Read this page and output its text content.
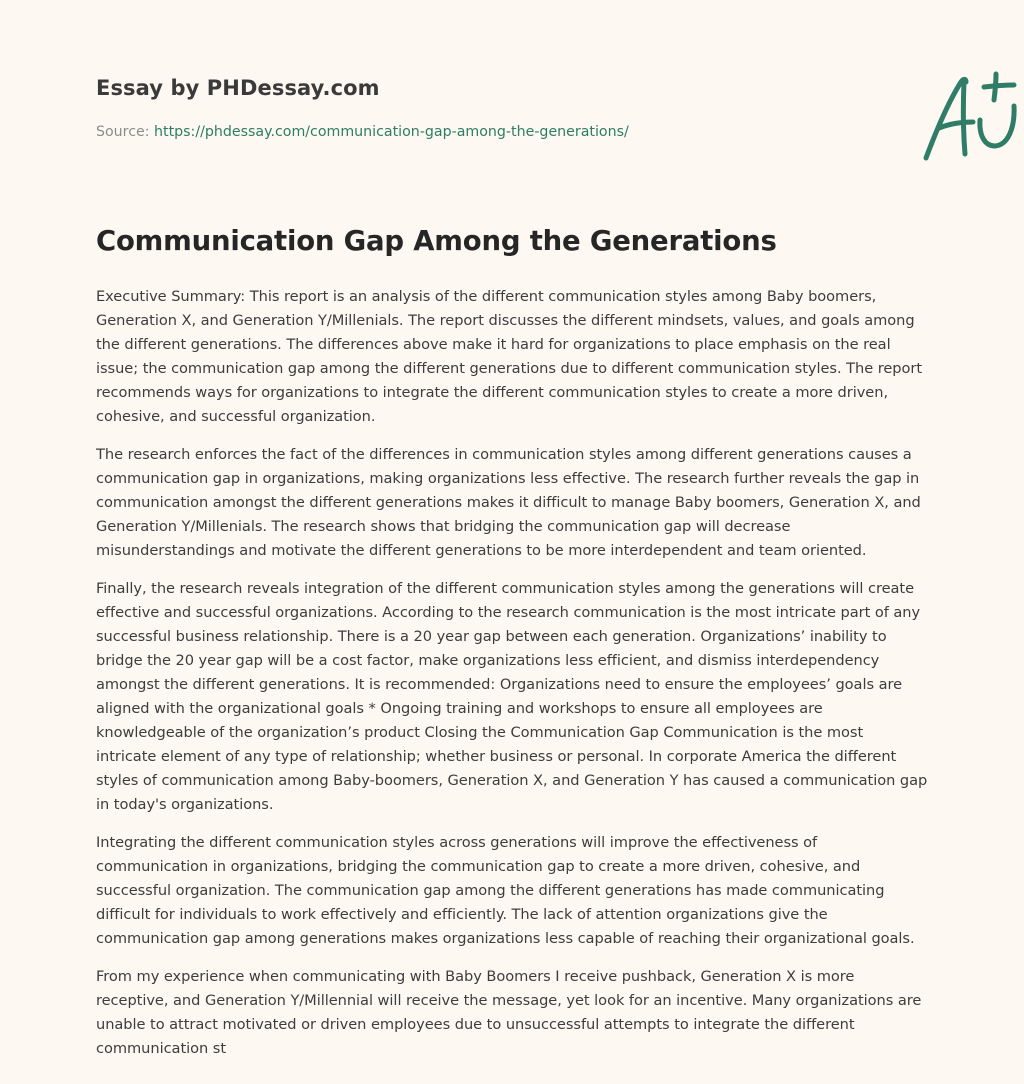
Essay by PHDessay.com
Source: https://phdessay.com/communication-gap-among-the-generations/
Communication Gap Among the Generations

Executive Summary: This report is an analysis of the different communication styles among Baby boomers, Generation X, and Generation Y/Millenials. The report discusses the different mindsets, values, and goals among the different generations. The differences above make it hard for organizations to place emphasis on the real issue; the communication gap among the different generations due to different communication styles. The report recommends ways for organizations to integrate the different communication styles to create a more driven, cohesive, and successful organization.

The research enforces the fact of the differences in communication styles among different generations causes a communication gap in organizations, making organizations less effective. The research further reveals the gap in communication amongst the different generations makes it difficult to manage Baby boomers, Generation X, and Generation Y/Millenials. The research shows that bridging the communication gap will decrease misunderstandings and motivate the different generations to be more interdependent and team oriented.

Finally, the research reveals integration of the different communication styles among the generations will create effective and successful organizations. According to the research communication is the most intricate part of any successful business relationship. There is a 20 year gap between each generation. Organizations’ inability to bridge the 20 year gap will be a cost factor, make organizations less efficient, and dismiss interdependency amongst the different generations. It is recommended: Organizations need to ensure the employees’ goals are aligned with the organizational goals * Ongoing training and workshops to ensure all employees are knowledgeable of the organization’s product Closing the Communication Gap Communication is the most intricate element of any type of relationship; whether business or personal. In corporate America the different styles of communication among Baby-boomers, Generation X, and Generation Y has caused a communication gap in today's organizations.

Integrating the different communication styles across generations will improve the effectiveness of communication in organizations, bridging the communication gap to create a more driven, cohesive, and successful organization. The communication gap among the different generations has made communicating difficult for individuals to work effectively and efficiently. The lack of attention organizations give the communication gap among generations makes organizations less capable of reaching their organizational goals.

From my experience when communicating with Baby Boomers I receive pushback, Generation X is more receptive, and Generation Y/Millennial will receive the message, yet look for an incentive. Many organizations are unable to attract motivated or driven employees due to unsuccessful attempts to integrate the different communication st
